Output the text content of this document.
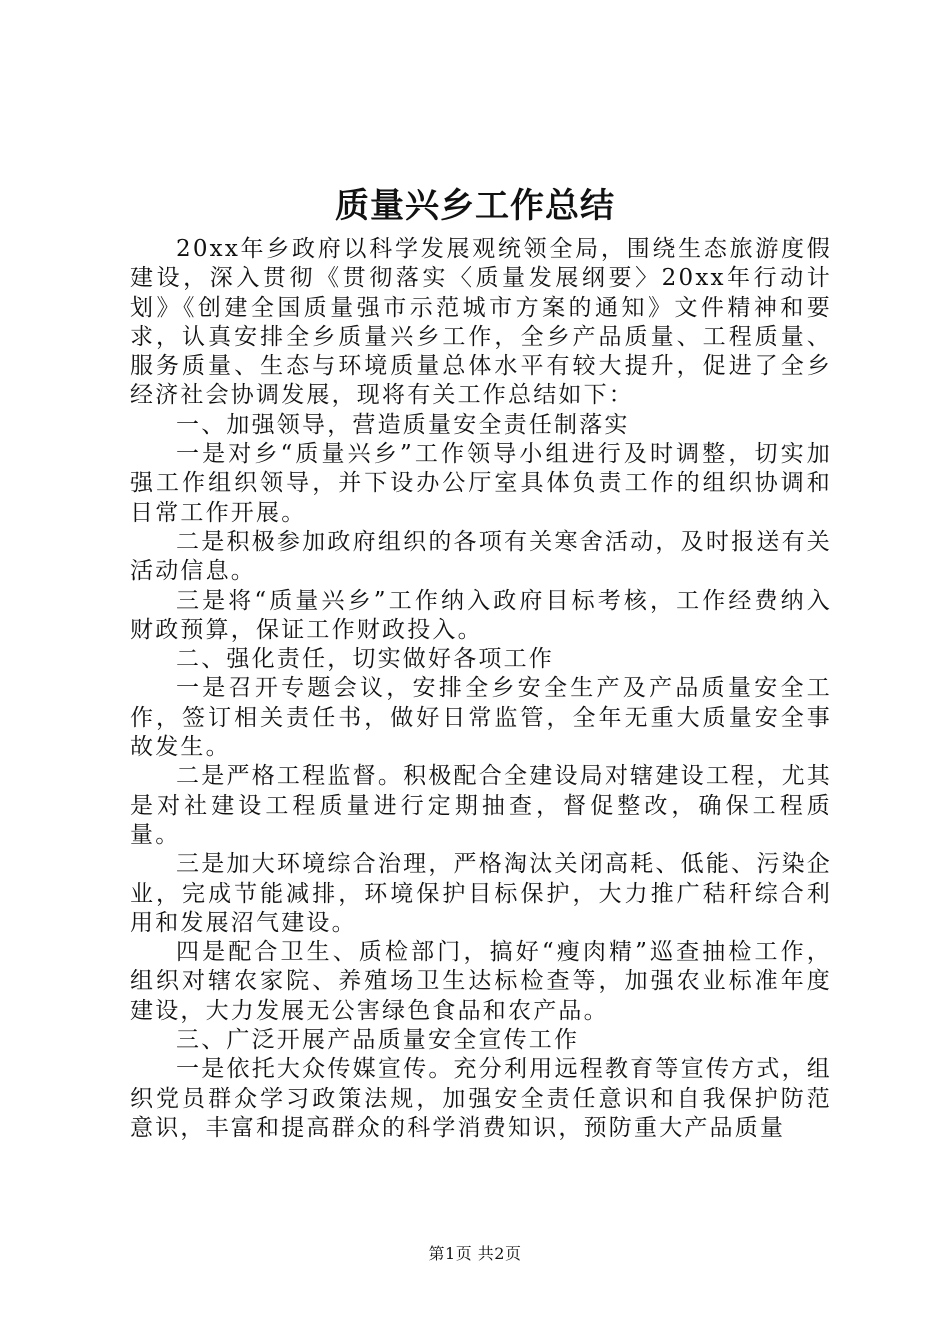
质量兴乡工作总结

20xx年乡政府以科学发展观统领全局，围绕生态旅游度假建设，深入贯彻《贯彻落实〈质量发展纲要〉20xx年行动计划》《创建全国质量强市示范城市方案的通知》文件精神和要求，认真安排全乡质量兴乡工作，全乡产品质量、工程质量、服务质量、生态与环境质量总体水平有较大提升，促进了全乡经济社会协调发展，现将有关工作总结如下：

一、加强领导，营造质量安全责任制落实

一是对乡“质量兴乡”工作领导小组进行及时调整，切实加强工作组织领导，并下设办公厅室具体负责工作的组织协调和日常工作开展。

二是积极参加政府组织的各项有关寒舍活动，及时报送有关活动信息。

三是将“质量兴乡”工作纳入政府目标考核，工作经费纳入财政预算，保证工作财政投入。

二、强化责任，切实做好各项工作

一是召开专题会议，安排全乡安全生产及产品质量安全工作，签订相关责任书，做好日常监管，全年无重大质量安全事故发生。

二是严格工程监督。积极配合全建设局对辖建设工程，尤其是对社建设工程质量进行定期抽查，督促整改，确保工程质量。

三是加大环境综合治理，严格淘汰关闭高耗、低能、污染企业，完成节能减排，环境保护目标保护，大力推广秸秆综合利用和发展沼气建设。

四是配合卫生、质检部门，搞好“瘦肉精”巡查抽检工作，组织对辖农家院、养殖场卫生达标检查等，加强农业标准年度建设，大力发展无公害绿色食品和农产品。

三、广泛开展产品质量安全宣传工作

一是依托大众传媒宣传。充分利用远程教育等宣传方式，组织党员群众学习政策法规，加强安全责任意识和自我保护防范意识，丰富和提高群众的科学消费知识，预防重大产品质量

第1页 共2页
